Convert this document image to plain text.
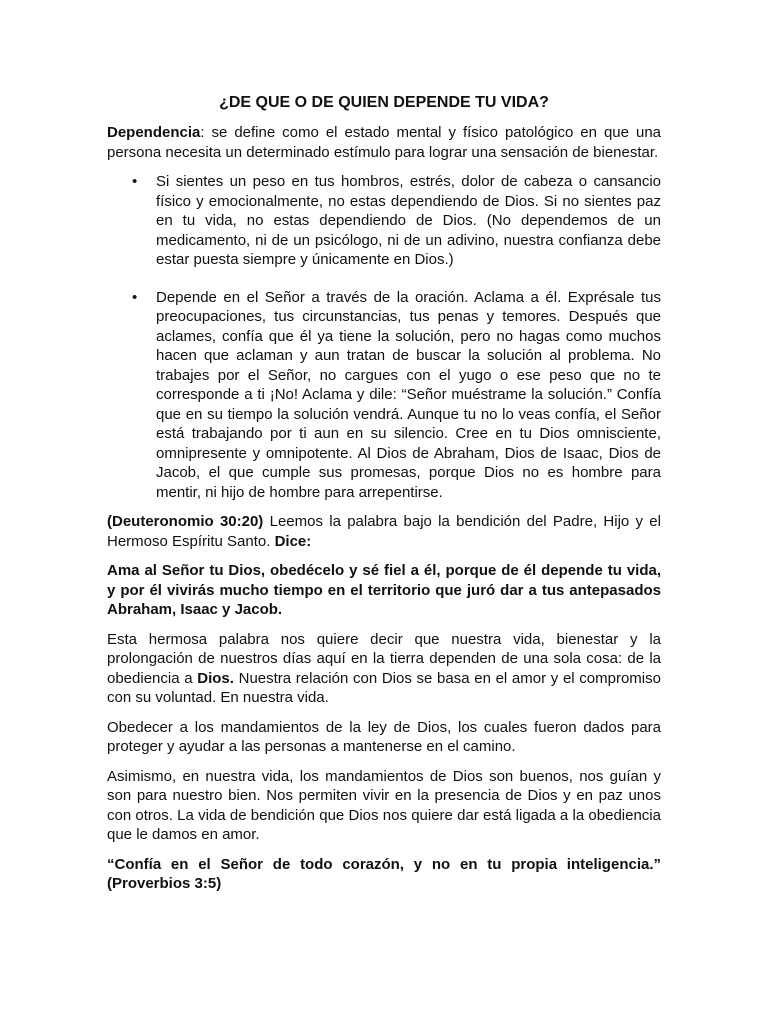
¿DE QUE O DE QUIEN DEPENDE TU VIDA?

Dependencia: se define como el estado mental y físico patológico en que una persona necesita un determinado estímulo para lograr una sensación de bienestar.

• Si sientes un peso en tus hombros, estrés, dolor de cabeza o cansancio físico y emocionalmente, no estas dependiendo de Dios. Si no sientes paz en tu vida, no estas dependiendo de Dios. (No dependemos de un medicamento, ni de un psicólogo, ni de un adivino, nuestra confianza debe estar puesta siempre y únicamente en Dios.)
• Depende en el Señor a través de la oración. Aclama a él. Exprésale tus preocupaciones, tus circunstancias, tus penas y temores. Después que aclames, confía que él ya tiene la solución, pero no hagas como muchos hacen que aclaman y aun tratan de buscar la solución al problema. No trabajes por el Señor, no cargues con el yugo o ese peso que no te corresponde a ti ¡No! Aclama y dile: “Señor muéstrame la solución.” Confía que en su tiempo la solución vendrá. Aunque tu no lo veas confía, el Señor está trabajando por ti aun en su silencio. Cree en tu Dios omnisciente, omnipresente y omnipotente. Al Dios de Abraham, Dios de Isaac, Dios de Jacob, el que cumple sus promesas, porque Dios no es hombre para mentir, ni hijo de hombre para arrepentirse.

(Deuteronomio 30:20) Leemos la palabra bajo la bendición del Padre, Hijo y el Hermoso Espíritu Santo. Dice:

Ama al Señor tu Dios, obedécelo y sé fiel a él, porque de él depende tu vida, y por él vivirás mucho tiempo en el territorio que juró dar a tus antepasados Abraham, Isaac y Jacob.

Esta hermosa palabra nos quiere decir que nuestra vida, bienestar y la prolongación de nuestros días aquí en la tierra dependen de una sola cosa: de la obediencia a Dios. Nuestra relación con Dios se basa en el amor y el compromiso con su voluntad. En nuestra vida.

Obedecer a los mandamientos de la ley de Dios, los cuales fueron dados para proteger y ayudar a las personas a mantenerse en el camino.

Asimismo, en nuestra vida, los mandamientos de Dios son buenos, nos guían y son para nuestro bien. Nos permiten vivir en la presencia de Dios y en paz unos con otros. La vida de bendición que Dios nos quiere dar está ligada a la obediencia que le damos en amor.

“Confía en el Señor de todo corazón, y no en tu propia inteligencia.” (Proverbios 3:5)
